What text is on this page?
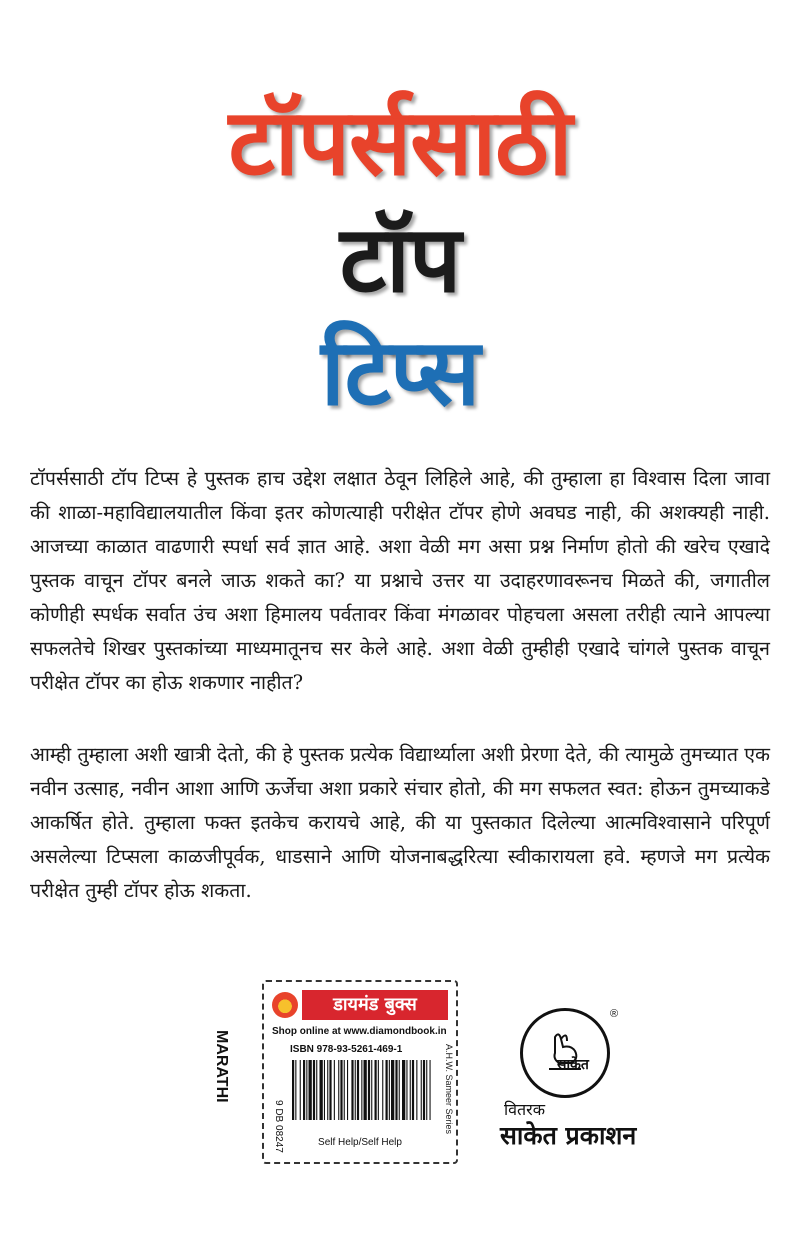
टॉपर्ससाठी
टॉप
टिप्स

टॉपर्ससाठी टॉप टिप्स हे पुस्तक हाच उद्देश लक्षात ठेवून लिहिले आहे, की तुम्हाला हा विश्वास दिला जावा की शाळा-महाविद्यालयातील किंवा इतर कोणत्याही परीक्षेत टॉपर होणे अवघड नाही, की अशक्यही नाही. आजच्या काळात वाढणारी स्पर्धा सर्व ज्ञात आहे. अशा वेळी मग असा प्रश्न निर्माण होतो की खरेच एखादे पुस्तक वाचून टॉपर बनले जाऊ शकते का? या प्रश्नाचे उत्तर या उदाहरणावरूनच मिळते की, जगातील कोणीही स्पर्धक सर्वात उंच अशा हिमालय पर्वतावर किंवा मंगळावर पोहचला असला तरीही त्याने आपल्या सफलतेचे शिखर पुस्तकांच्या माध्यमातूनच सर केले आहे. अशा वेळी तुम्हीही एखादे चांगले पुस्तक वाचून परीक्षेत टॉपर का होऊ शकणार नाहीत?

आम्ही तुम्हाला अशी खात्री देतो, की हे पुस्तक प्रत्येक विद्यार्थ्याला अशी प्रेरणा देते, की त्यामुळे तुमच्यात एक नवीन उत्साह, नवीन आशा आणि ऊर्जेचा अशा प्रकारे संचार होतो, की मग सफलत स्वत: होऊन तुमच्याकडे आकर्षित होते. तुम्हाला फक्त इतकेच करायचे आहे, की या पुस्तकात दिलेल्या आत्मविश्वासाने परिपूर्ण असलेल्या टिप्सला काळजीपूर्वक, धाडसाने आणि योजनाबद्धरित्या स्वीकारायला हवे. म्हणजे मग प्रत्येक परीक्षेत तुम्ही टॉपर होऊ शकता.

MARATHI
डायमंड बुक्स
Shop online at www.diamondbook.in
ISBN 978-93-5261-469-1
9 DB 08247	A.H.W. Sameer Series
Self Help/Self Help
साकेत
®
वितरक
साकेत प्रकाशन
